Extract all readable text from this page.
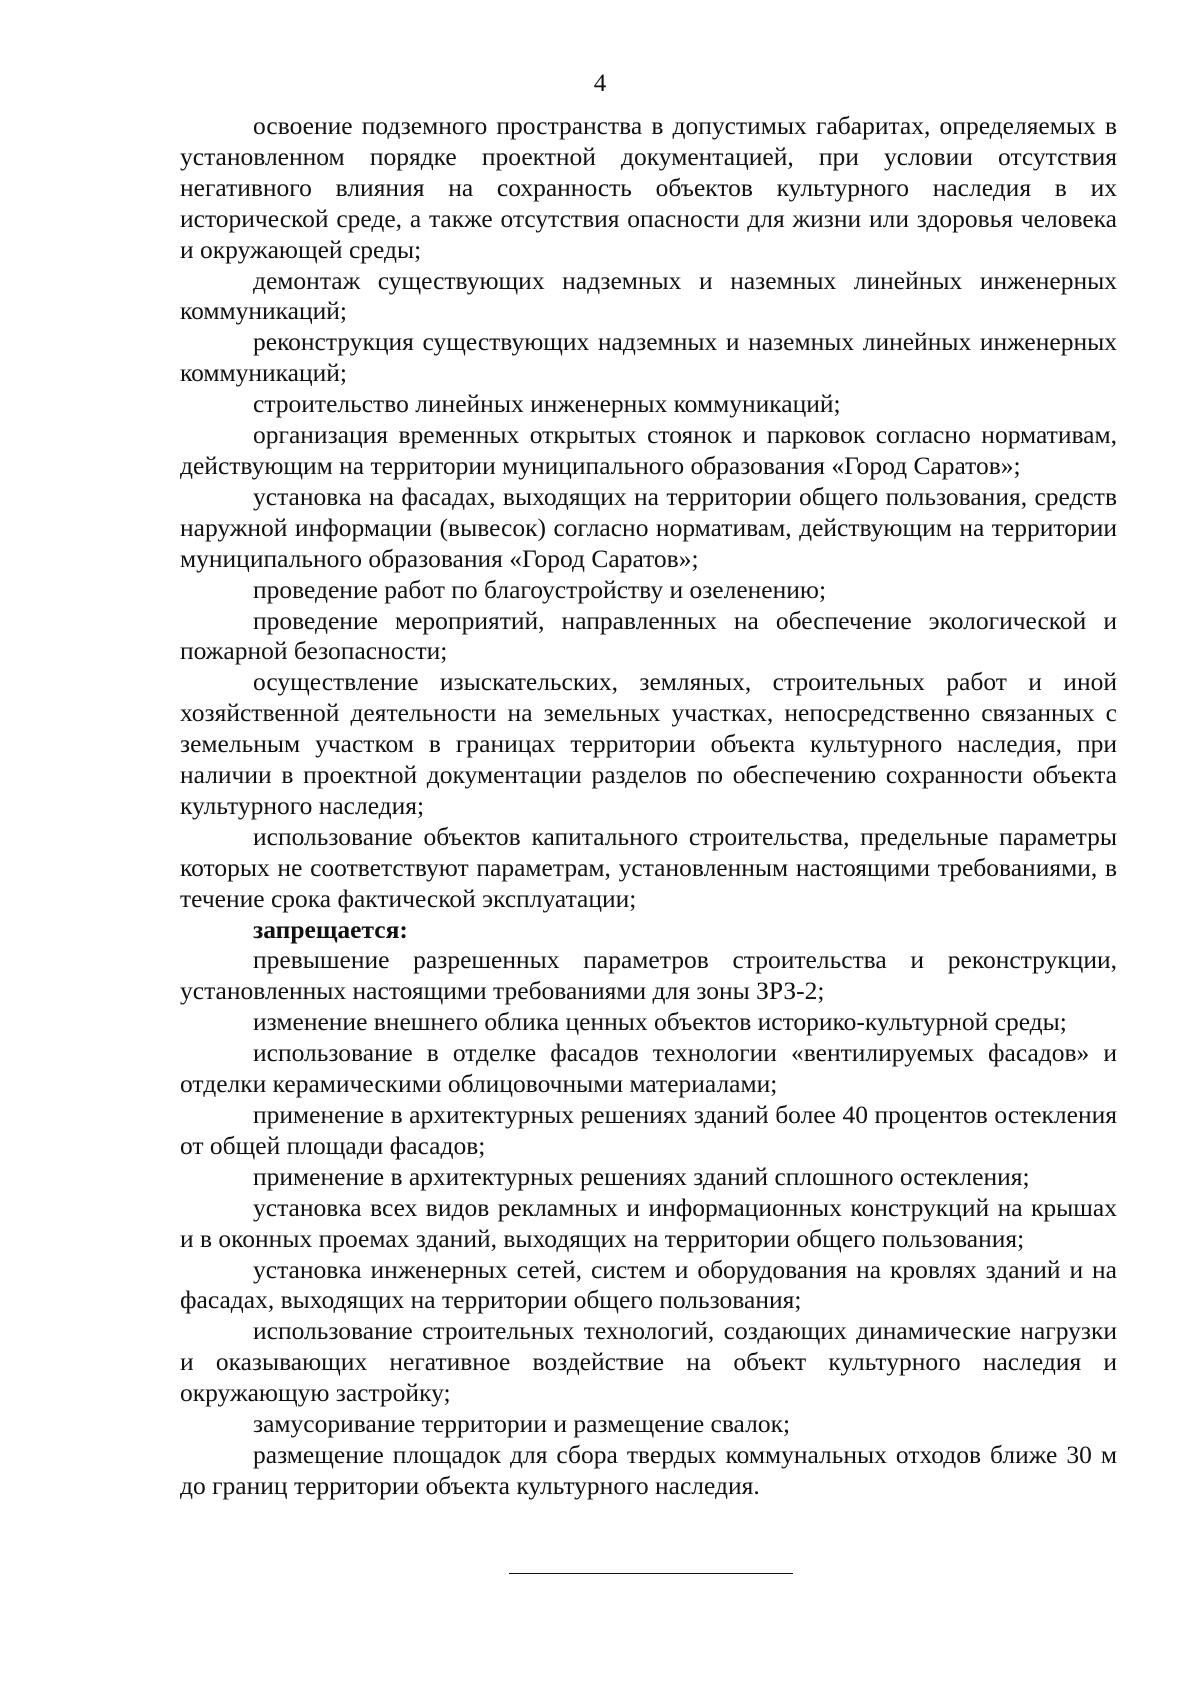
4

освоение подземного пространства в допустимых габаритах, определяемых в установленном порядке проектной документацией, при условии отсутствия негативного влияния на сохранность объектов культурного наследия в их исторической среде, а также отсутствия опасности для жизни или здоровья человека и окружающей среды;

демонтаж существующих надземных и наземных линейных инженерных коммуникаций;

реконструкция существующих надземных и наземных линейных инженерных коммуникаций;

строительство линейных инженерных коммуникаций;

организация временных открытых стоянок и парковок согласно нормативам, действующим на территории муниципального образования «Город Саратов»;

установка на фасадах, выходящих на территории общего пользования, средств наружной информации (вывесок) согласно нормативам, действующим на территории муниципального образования «Город Саратов»;

проведение работ по благоустройству и озеленению;

проведение мероприятий, направленных на обеспечение экологической и пожарной безопасности;

осуществление изыскательских, земляных, строительных работ и иной хозяйственной деятельности на земельных участках, непосредственно связанных с земельным участком в границах территории объекта культурного наследия, при наличии в проектной документации разделов по обеспечению сохранности объекта культурного наследия;

использование объектов капитального строительства, предельные параметры которых не соответствуют параметрам, установленным настоящими требованиями, в течение срока фактической эксплуатации;

запрещается:

превышение разрешенных параметров строительства и реконструкции, установленных настоящими требованиями для зоны ЗРЗ-2;

изменение внешнего облика ценных объектов историко-культурной среды;

использование в отделке фасадов технологии «вентилируемых фасадов» и отделки керамическими облицовочными материалами;

применение в архитектурных решениях зданий более 40 процентов остекления от общей площади фасадов;

применение в архитектурных решениях зданий сплошного остекления;

установка всех видов рекламных и информационных конструкций на крышах и в оконных проемах зданий, выходящих на территории общего пользования;

установка инженерных сетей, систем и оборудования на кровлях зданий и на фасадах, выходящих на территории общего пользования;

использование строительных технологий, создающих динамические нагрузки и оказывающих негативное воздействие на объект культурного наследия и окружающую застройку;

замусоривание территории и размещение свалок;

размещение площадок для сбора твердых коммунальных отходов ближе 30 м до границ территории объекта культурного наследия.
